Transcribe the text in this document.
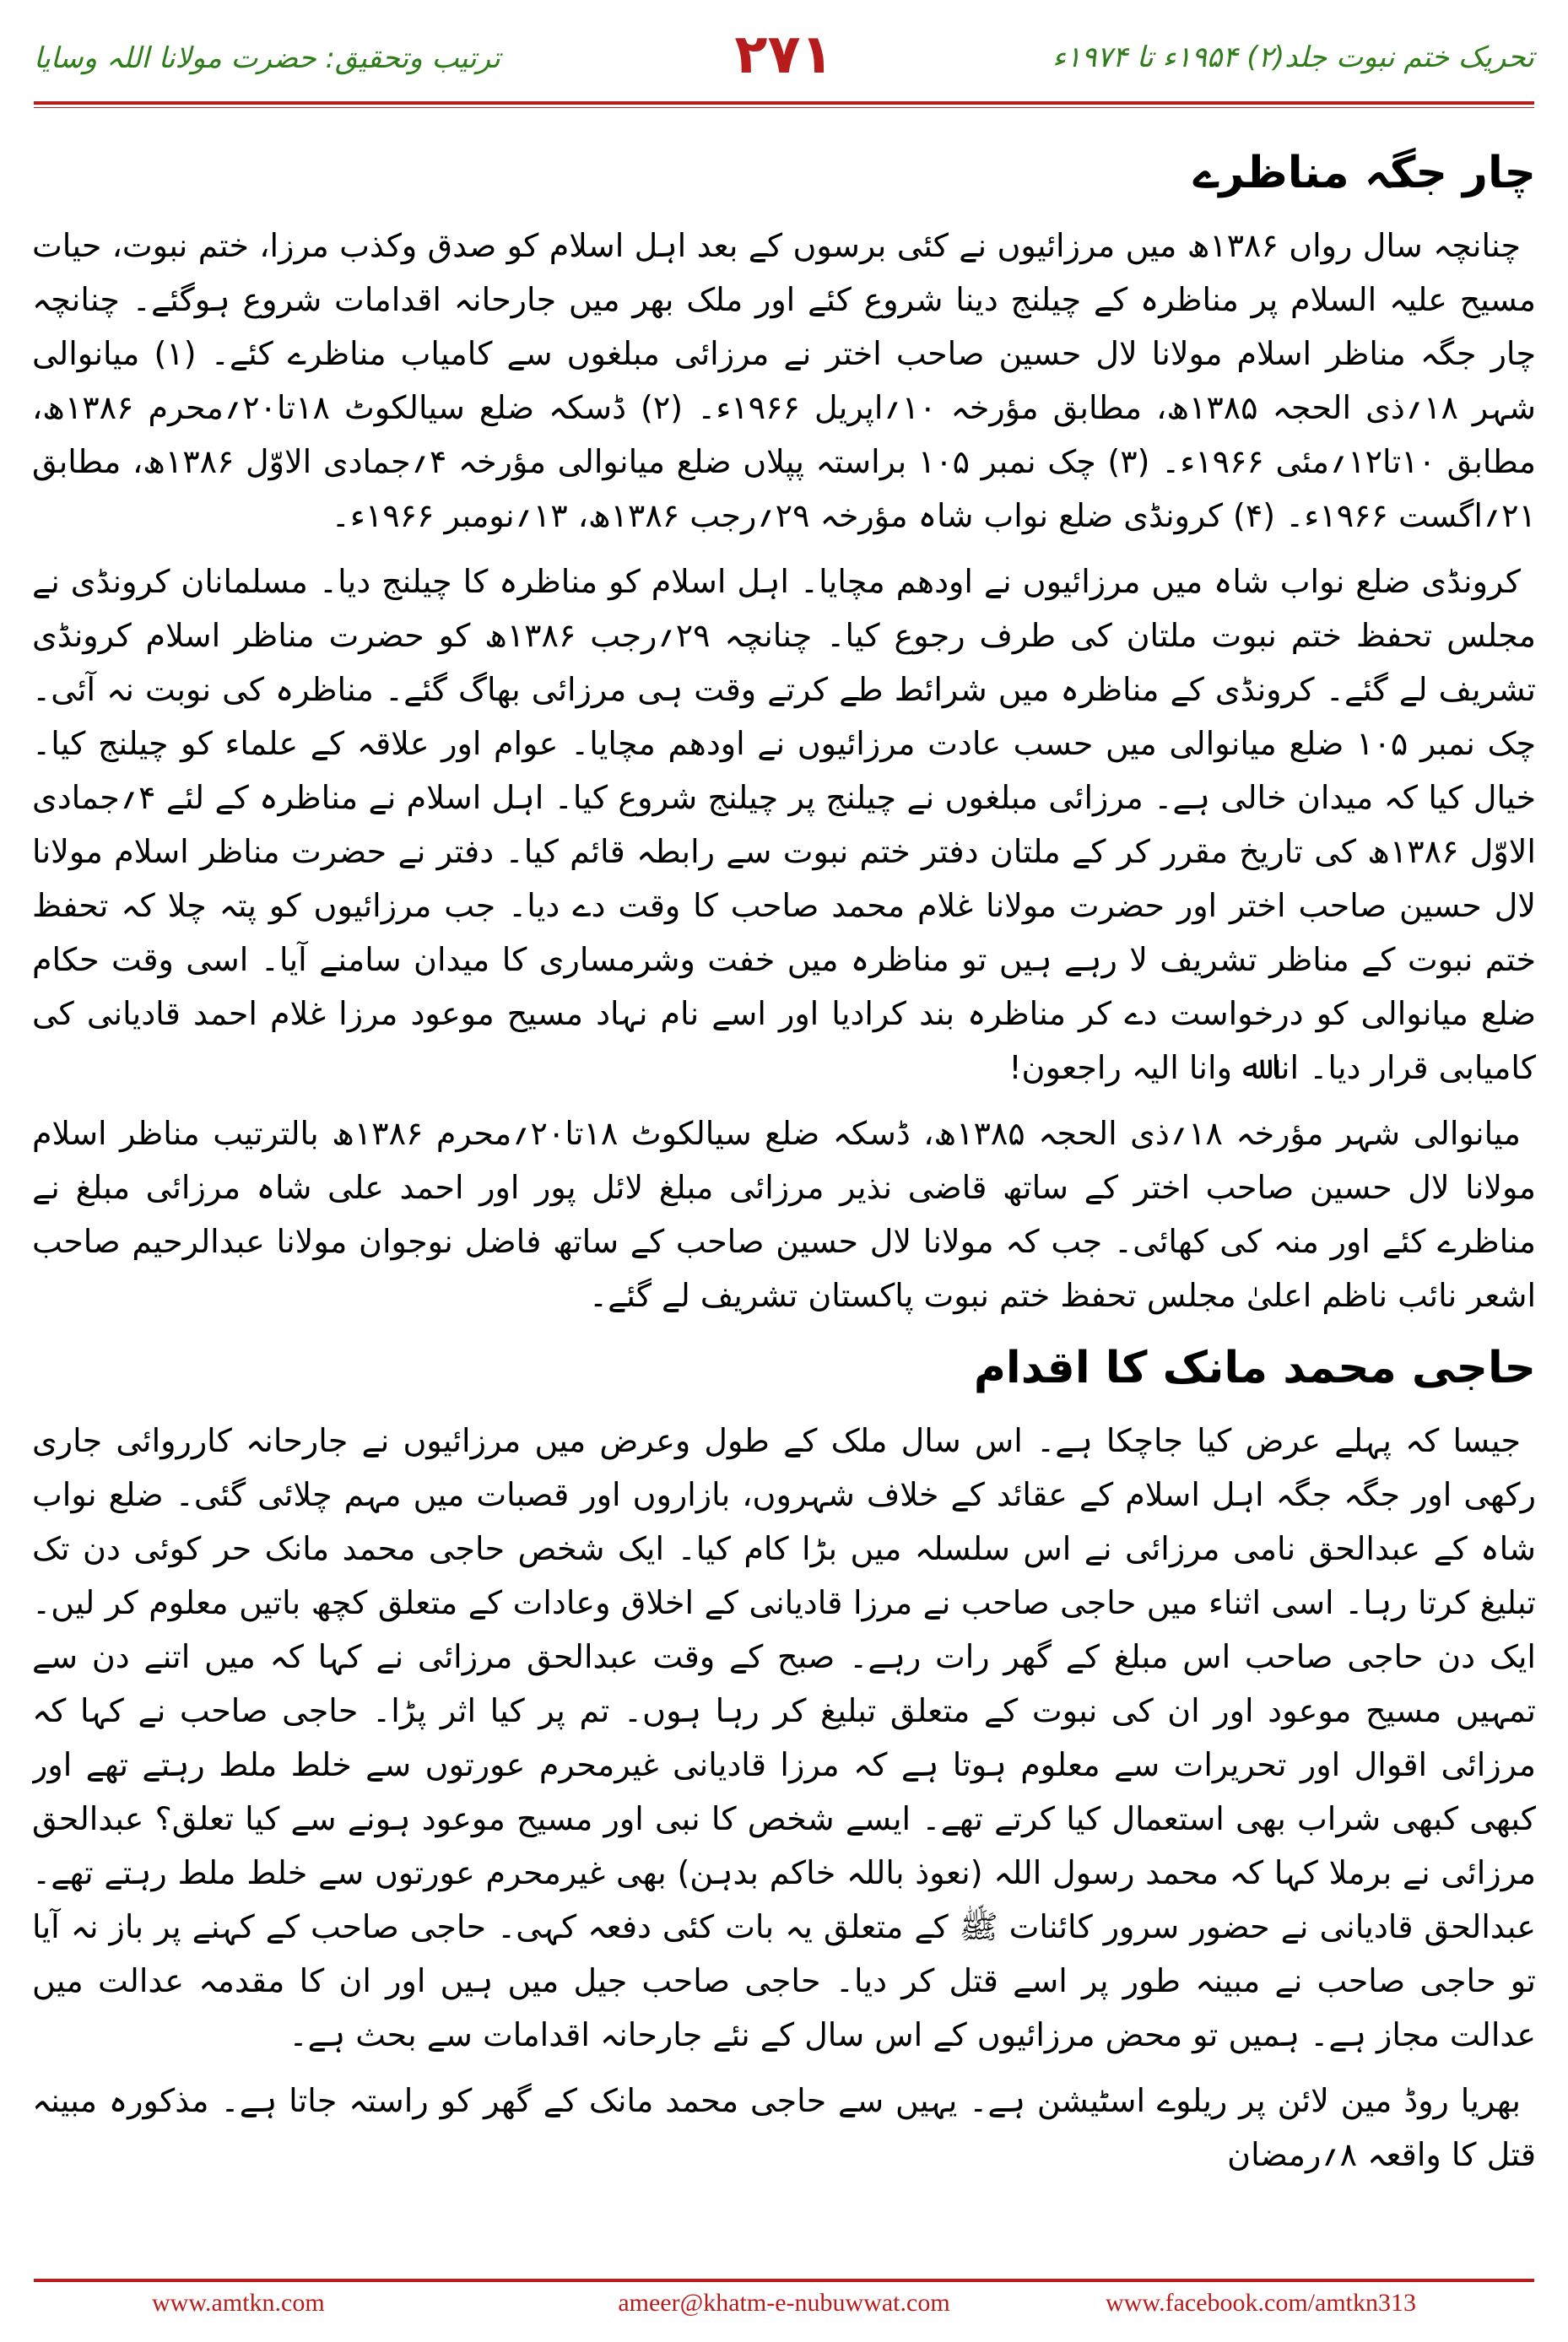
ترتیب وتحقیق: حضرت مولانا اللہ وسایا	۲۷۱	تحریک ختم نبوت جلد(۲) ۱۹۵۴ء تا ۱۹۷۴ء
چار جگہ مناظرے

چنانچہ سال رواں ۱۳۸۶ھ میں مرزائیوں نے کئی برسوں کے بعد اہل اسلام کو صدق وکذب مرزا، ختم نبوت، حیات مسیح علیہ السلام پر مناظرہ کے چیلنج دینا شروع کئے اور ملک بھر میں جارحانہ اقدامات شروع ہوگئے۔ چنانچہ چار جگہ مناظر اسلام مولانا لال حسین صاحب اختر نے مرزائی مبلغوں سے کامیاب مناظرے کئے۔ (۱) میانوالی شہر ۱۸؍ذی الحجہ ۱۳۸۵ھ، مطابق مؤرخہ ۱۰؍اپریل ۱۹۶۶ء۔ (۲) ڈسکہ ضلع سیالکوٹ ۱۸تا۲۰؍محرم ۱۳۸۶ھ، مطابق ۱۰تا۱۲؍مئی ۱۹۶۶ء۔ (۳) چک نمبر ۱۰۵ براستہ پپلاں ضلع میانوالی مؤرخہ ۴؍جمادی الاوّل ۱۳۸۶ھ، مطابق ۲۱؍اگست ۱۹۶۶ء۔ (۴) کرونڈی ضلع نواب شاہ مؤرخہ ۲۹؍رجب ۱۳۸۶ھ، ۱۳؍نومبر ۱۹۶۶ء۔

کرونڈی ضلع نواب شاہ میں مرزائیوں نے اودھم مچایا۔ اہل اسلام کو مناظرہ کا چیلنج دیا۔ مسلمانان کرونڈی نے مجلس تحفظ ختم نبوت ملتان کی طرف رجوع کیا۔ چنانچہ ۲۹؍رجب ۱۳۸۶ھ کو حضرت مناظر اسلام کرونڈی تشریف لے گئے۔ کرونڈی کے مناظرہ میں شرائط طے کرتے وقت ہی مرزائی بھاگ گئے۔ مناظرہ کی نوبت نہ آئی۔ چک نمبر ۱۰۵ ضلع میانوالی میں حسب عادت مرزائیوں نے اودھم مچایا۔ عوام اور علاقہ کے علماء کو چیلنج کیا۔ خیال کیا کہ میدان خالی ہے۔ مرزائی مبلغوں نے چیلنج پر چیلنج شروع کیا۔ اہل اسلام نے مناظرہ کے لئے ۴؍جمادی الاوّل ۱۳۸۶ھ کی تاریخ مقرر کر کے ملتان دفتر ختم نبوت سے رابطہ قائم کیا۔ دفتر نے حضرت مناظر اسلام مولانا لال حسین صاحب اختر اور حضرت مولانا غلام محمد صاحب کا وقت دے دیا۔ جب مرزائیوں کو پتہ چلا کہ تحفظ ختم نبوت کے مناظر تشریف لا رہے ہیں تو مناظرہ میں خفت وشرمساری کا میدان سامنے آیا۔ اسی وقت حکام ضلع میانوالی کو درخواست دے کر مناظرہ بند کرادیا اور اسے نام نہاد مسیح موعود مرزا غلام احمد قادیانی کی کامیابی قرار دیا۔ انا ﷲ وانا الیہ راجعون!

میانوالی شہر مؤرخہ ۱۸؍ذی الحجہ ۱۳۸۵ھ، ڈسکہ ضلع سیالکوٹ ۱۸تا۲۰؍محرم ۱۳۸۶ھ بالترتیب مناظر اسلام مولانا لال حسین صاحب اختر کے ساتھ قاضی نذیر مرزائی مبلغ لائل پور اور احمد علی شاہ مرزائی مبلغ نے مناظرے کئے اور منہ کی کھائی۔ جب کہ مولانا لال حسین صاحب کے ساتھ فاضل نوجوان مولانا عبدالرحیم صاحب اشعر نائب ناظم اعلیٰ مجلس تحفظ ختم نبوت پاکستان تشریف لے گئے۔

حاجی محمد مانک کا اقدام

جیسا کہ پہلے عرض کیا جاچکا ہے۔ اس سال ملک کے طول وعرض میں مرزائیوں نے جارحانہ کارروائی جاری رکھی اور جگہ جگہ اہل اسلام کے عقائد کے خلاف شہروں، بازاروں اور قصبات میں مہم چلائی گئی۔ ضلع نواب شاہ کے عبدالحق نامی مرزائی نے اس سلسلہ میں بڑا کام کیا۔ ایک شخص حاجی محمد مانک حر کوئی دن تک تبلیغ کرتا رہا۔ اسی اثناء میں حاجی صاحب نے مرزا قادیانی کے اخلاق وعادات کے متعلق کچھ باتیں معلوم کر لیں۔ ایک دن حاجی صاحب اس مبلغ کے گھر رات رہے۔ صبح کے وقت عبدالحق مرزائی نے کہا کہ میں اتنے دن سے تمہیں مسیح موعود اور ان کی نبوت کے متعلق تبلیغ کر رہا ہوں۔ تم پر کیا اثر پڑا۔ حاجی صاحب نے کہا کہ مرزائی اقوال اور تحریرات سے معلوم ہوتا ہے کہ مرزا قادیانی غیرمحرم عورتوں سے خلط ملط رہتے تھے اور کبھی کبھی شراب بھی استعمال کیا کرتے تھے۔ ایسے شخص کا نبی اور مسیح موعود ہونے سے کیا تعلق؟ عبدالحق مرزائی نے برملا کہا کہ محمد رسول اللہ (نعوذ باللہ خاکم بدہن) بھی غیرمحرم عورتوں سے خلط ملط رہتے تھے۔ عبدالحق قادیانی نے حضور سرور کائنات ﷺ کے متعلق یہ بات کئی دفعہ کہی۔ حاجی صاحب کے کہنے پر باز نہ آیا تو حاجی صاحب نے مبینہ طور پر اسے قتل کر دیا۔ حاجی صاحب جیل میں ہیں اور ان کا مقدمہ عدالت میں عدالت مجاز ہے۔ ہمیں تو محض مرزائیوں کے اس سال کے نئے جارحانہ اقدامات سے بحث ہے۔

بھریا روڈ مین لائن پر ریلوے اسٹیشن ہے۔ یہیں سے حاجی محمد مانک کے گھر کو راستہ جاتا ہے۔ مذکورہ مبینہ قتل کا واقعہ ۸؍رمضان

www.amtkn.com	ameer@khatm-e-nubuwwat.com	www.facebook.com/amtkn313
